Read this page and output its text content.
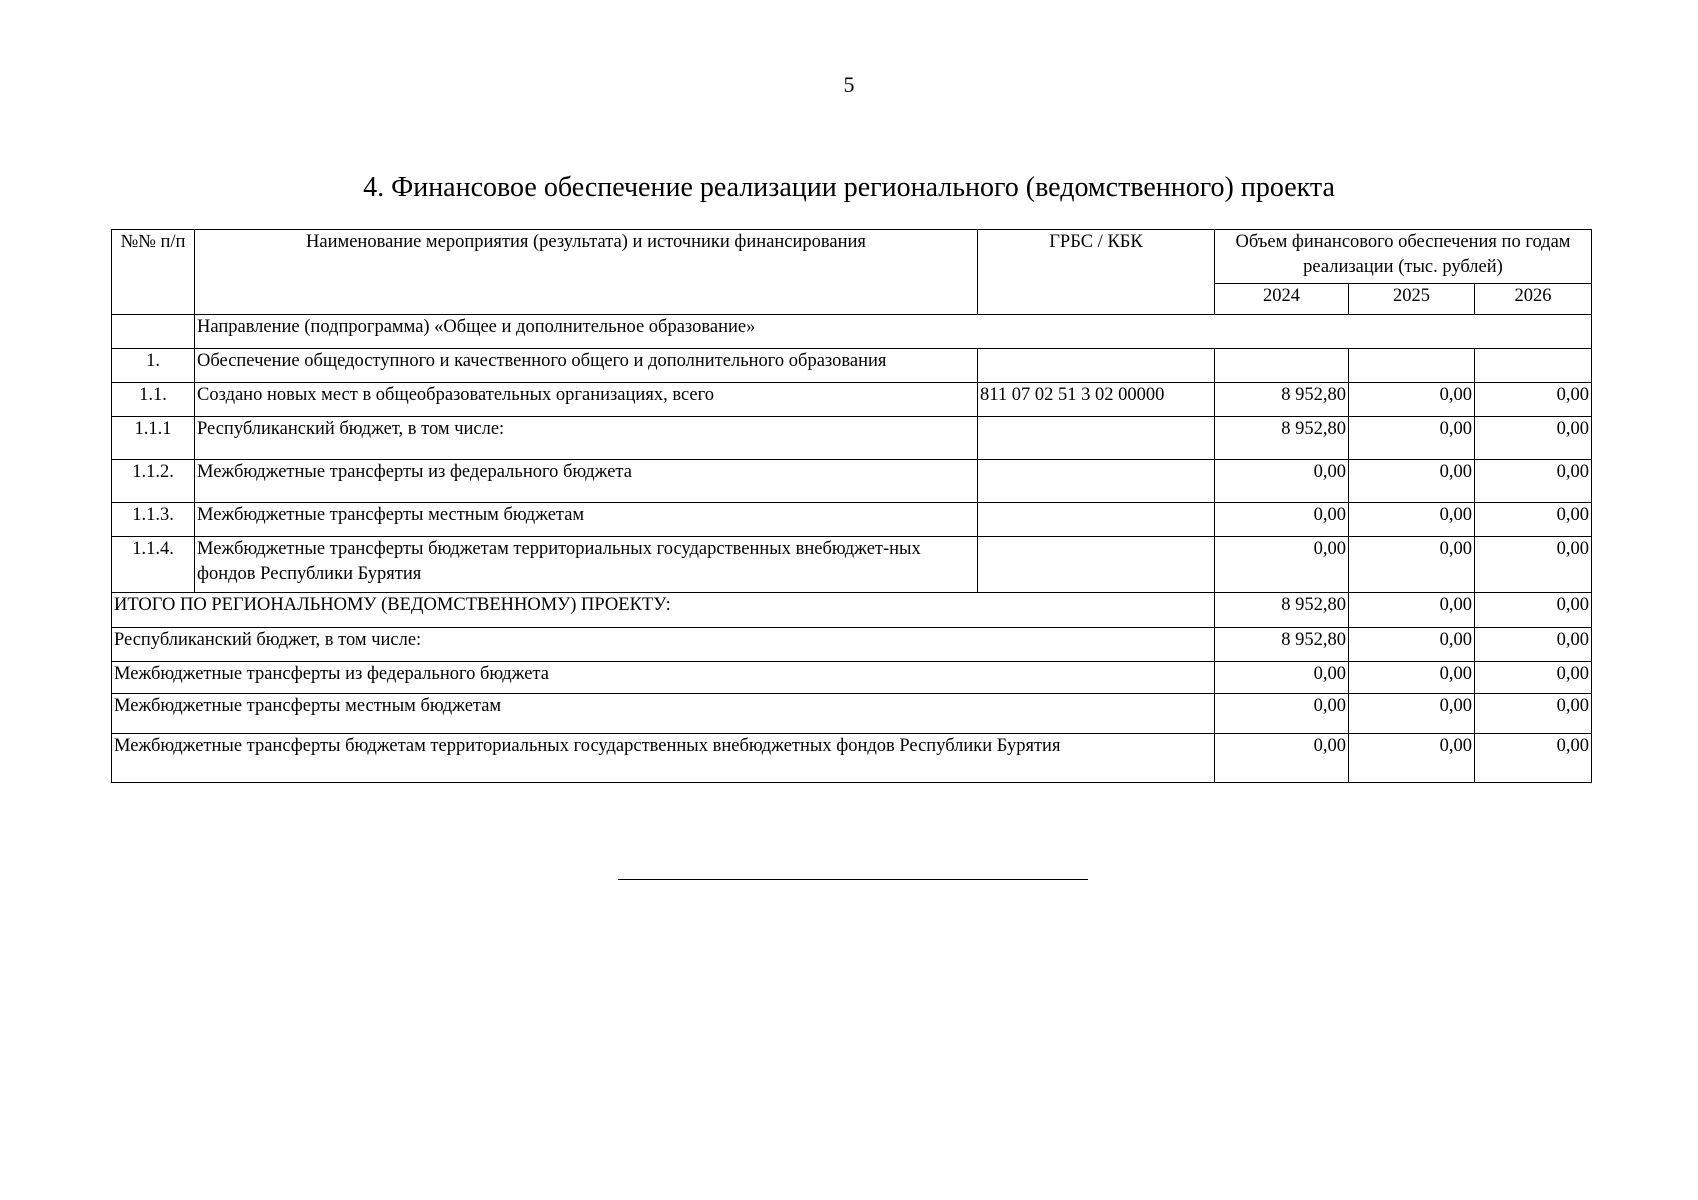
5
4. Финансовое обеспечение реализации регионального (ведомственного) проекта
№№ п/п	Наименование мероприятия (результата) и источники финансирования	ГРБС / КБК	Объем финансового обеспечения по годам реализации (тыс. рублей)		
			2024	2025	2026
	Направление (подпрограмма) «Общее и дополнительное образование»				
1.	Обеспечение общедоступного и качественного общего и дополнительного образования				
1.1.	Создано новых мест в общеобразовательных организациях, всего	811 07 02 51 3 02 00000	8 952,80	0,00	0,00
1.1.1	Республиканский бюджет, в том числе:		8 952,80	0,00	0,00
1.1.2.	Межбюджетные трансферты из федерального бюджета		0,00	0,00	0,00
1.1.3.	Межбюджетные трансферты местным бюджетам		0,00	0,00	0,00
1.1.4.	Межбюджетные трансферты бюджетам территориальных государственных внебюджет-ных фондов Республики Бурятия		0,00	0,00	0,00
ИТОГО ПО РЕГИОНАЛЬНОМУ (ВЕДОМСТВЕННОМУ) ПРОЕКТУ:			8 952,80	0,00	0,00
Республиканский бюджет, в том числе:			8 952,80	0,00	0,00
Межбюджетные трансферты из федерального бюджета			0,00	0,00	0,00
Межбюджетные трансферты местным бюджетам			0,00	0,00	0,00
Межбюджетные трансферты бюджетам территориальных государственных внебюджетных фондов Республики Бурятия			0,00	0,00	0,00
